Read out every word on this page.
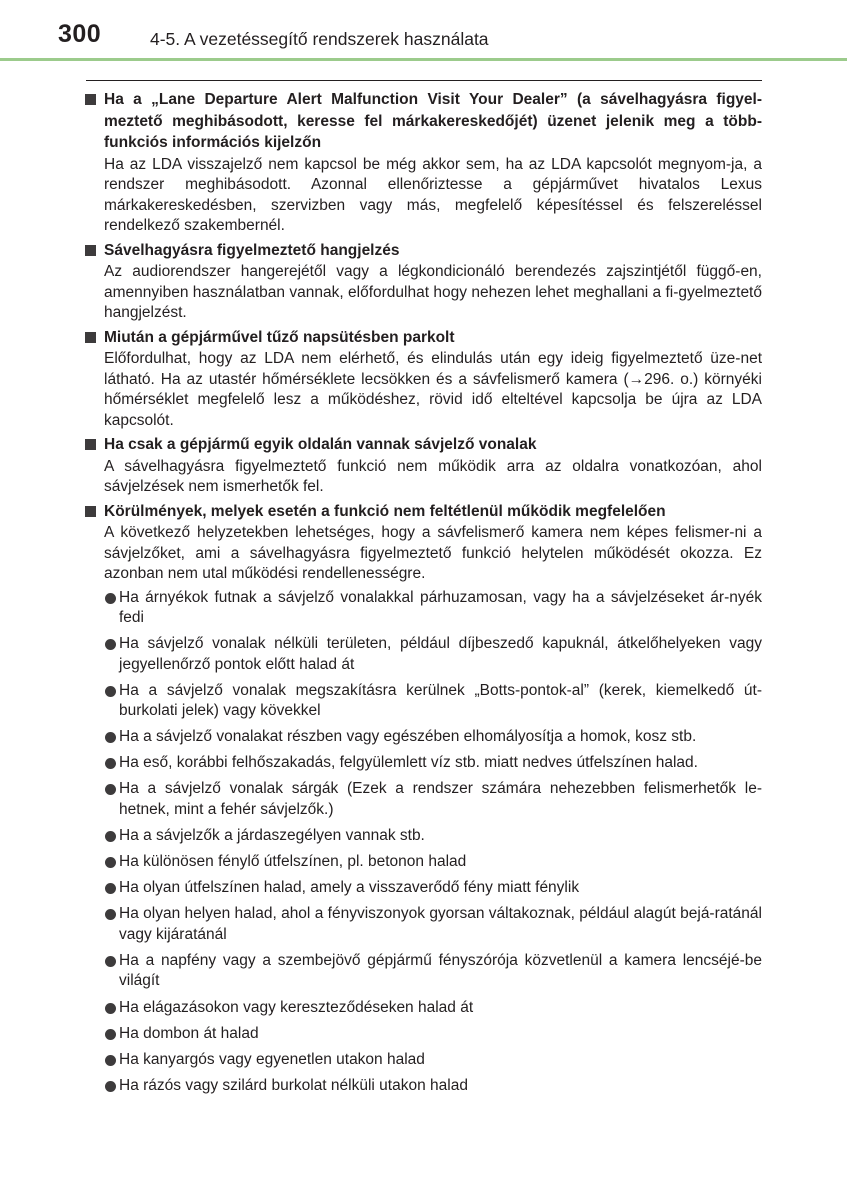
300	4-5. A vezetéssegítő rendszerek használata
Ha a „Lane Departure Alert Malfunction Visit Your Dealer” (a sávelhagyásra figyel-meztető meghibásodott, keresse fel márkakereskedőjét) üzenet jelenik meg a több-funkciós információs kijelzőn
Ha az LDA visszajelző nem kapcsol be még akkor sem, ha az LDA kapcsolót megnyom-ja, a rendszer meghibásodott. Azonnal ellenőriztesse a gépjárművet hivatalos Lexus márkakereskedésben, szervizben vagy más, megfelelő képesítéssel és felszereléssel rendelkező szakembernél.
Sávelhagyásra figyelmeztető hangjelzés
Az audiorendszer hangerejétől vagy a légkondicionáló berendezés zajszintjétől függő-en, amennyiben használatban vannak, előfordulhat hogy nehezen lehet meghallani a fi-gyelmeztető hangjelzést.
Miután a gépjárművel tűző napsütésben parkolt
Előfordulhat, hogy az LDA nem elérhető, és elindulás után egy ideig figyelmeztető üze-net látható. Ha az utastér hőmérséklete lecsökken és a sávfelismerő kamera (→296. o.) környéki hőmérséklet megfelelő lesz a működéshez, rövid idő elteltével kapcsolja be újra az LDA kapcsolót.
Ha csak a gépjármű egyik oldalán vannak sávjelző vonalak
A sávelhagyásra figyelmeztető funkció nem működik arra az oldalra vonatkozóan, ahol sávjelzések nem ismerhetők fel.
Körülmények, melyek esetén a funkció nem feltétlenül működik megfelelően
A következő helyzetekben lehetséges, hogy a sávfelismerő kamera nem képes felismer-ni a sávjelzőket, ami a sávelhagyásra figyelmeztető funkció helytelen működését okozza. Ez azonban nem utal működési rendellenességre.
Ha árnyékok futnak a sávjelző vonalakkal párhuzamosan, vagy ha a sávjelzéseket ár-nyék fedi
Ha sávjelző vonalak nélküli területen, például díjbeszedő kapuknál, átkelőhelyeken vagy jegyellenőrző pontok előtt halad át
Ha a sávjelző vonalak megszakításra kerülnek „Botts-pontok-al” (kerek, kiemelkedő út-burkolati jelek) vagy kövekkel
Ha a sávjelző vonalakat részben vagy egészében elhomályosítja a homok, kosz stb.
Ha eső, korábbi felhőszakadás, felgyülemlett víz stb. miatt nedves útfelszínen halad.
Ha a sávjelző vonalak sárgák (Ezek a rendszer számára nehezebben felismerhetők le-hetnek, mint a fehér sávjelzők.)
Ha a sávjelzők a járdaszegélyen vannak stb.
Ha különösen fénylő útfelszínen, pl. betonon halad
Ha olyan útfelszínen halad, amely a visszaverődő fény miatt fénylik
Ha olyan helyen halad, ahol a fényviszonyok gyorsan váltakoznak, például alagút bejá-ratánál vagy kijáratánál
Ha a napfény vagy a szembejövő gépjármű fényszórója közvetlenül a kamera lencséjé-be világít
Ha elágazásokon vagy kereszteződéseken halad át
Ha dombon át halad
Ha kanyargós vagy egyenetlen utakon halad
Ha rázós vagy szilárd burkolat nélküli utakon halad
